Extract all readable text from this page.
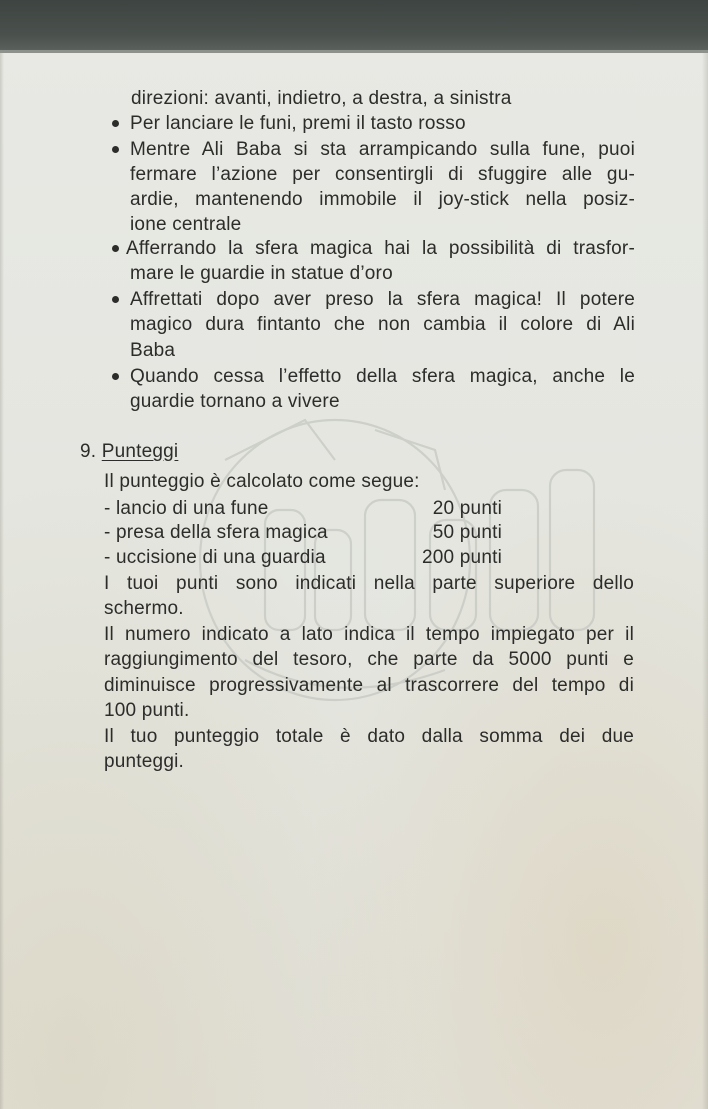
direzioni: avanti, indietro, a destra, a sinistra
Per lanciare le funi, premi il tasto rosso
Mentre Ali Baba si sta arrampicando sulla fune, puoi
fermare l’azione per consentirgli di sfuggire alle gu-
ardie, mantenendo immobile il joy-stick nella posiz-
ione centrale
Afferrando la sfera magica hai la possibilità di trasfor-
mare le guardie in statue d’oro
Affrettati dopo aver preso la sfera magica! Il potere
magico dura fintanto che non cambia il colore di Ali
Baba
Quando cessa l’effetto della sfera magica, anche le
guardie tornano a vivere
9. Punteggi
Il punteggio è calcolato come segue:
- lancio di una fune	20 punti
- presa della sfera magica	50 punti
- uccisione di una guardia	200 punti
I tuoi punti sono indicati nella parte superiore dello
schermo.
Il numero indicato a lato indica il tempo impiegato per il
raggiungimento del tesoro, che parte da 5000 punti e
diminuisce progressivamente al trascorrere del tempo di
100 punti.
Il tuo punteggio totale è dato dalla somma dei due
punteggi.
